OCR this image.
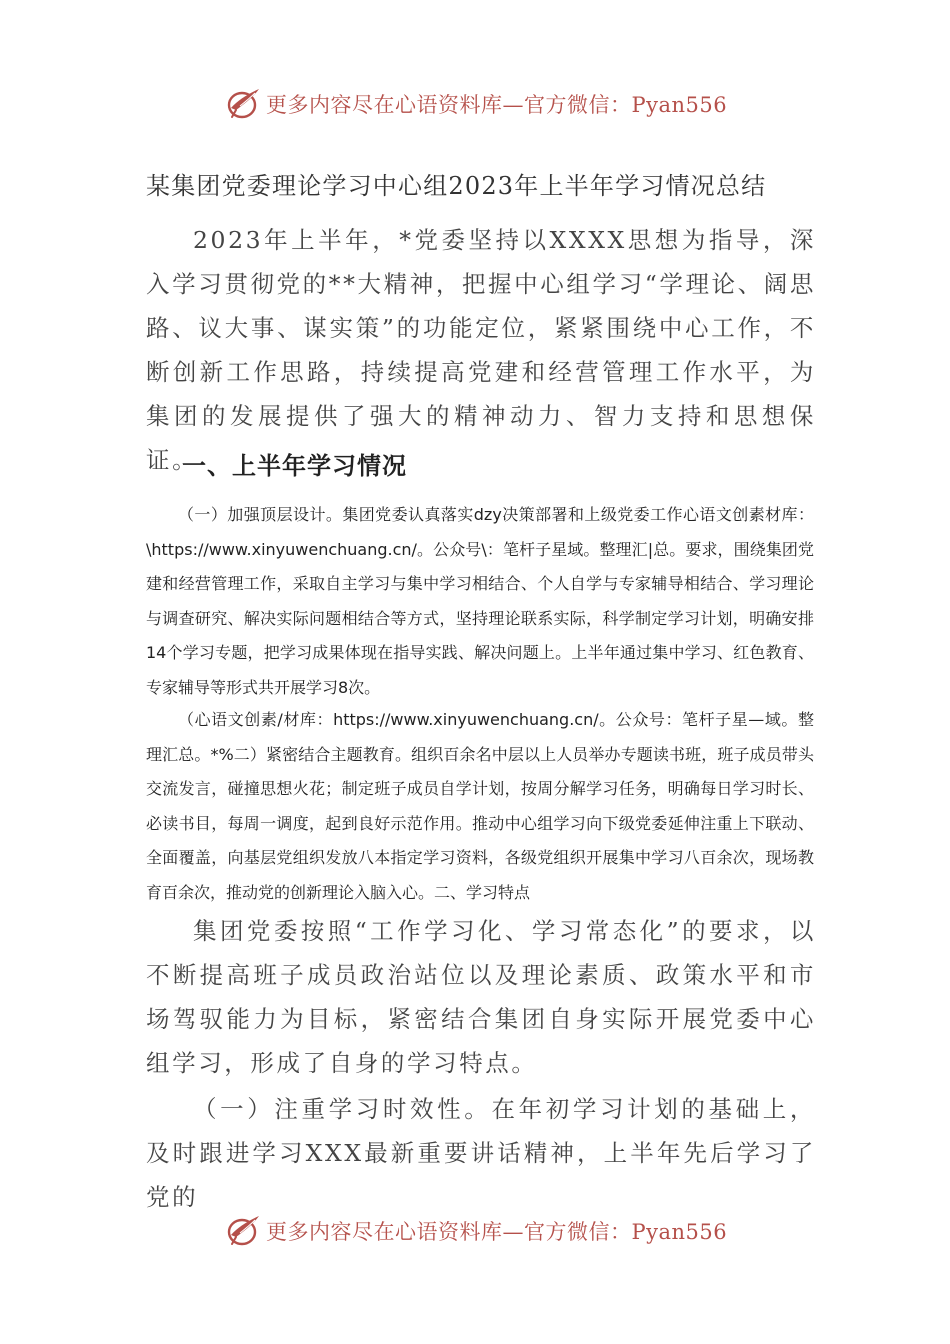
更多内容尽在心语资料库—官方微信：Pyan556
某集团党委理论学习中心组2023年上半年学习情况总结
2023年上半年，*党委坚持以XXXX思想为指导，深入学习贯彻党的**大精神，把握中心组学习“学理论、阔思路、议大事、谋实策”的功能定位，紧紧围绕中心工作，不断创新工作思路，持续提高党建和经营管理工作水平，为集团的发展提供了强大的精神动力、智力支持和思想保证。
一、上半年学习情况
（一）加强顶层设计。集团党委认真落实dzy决策部署和上级党委工作心语文创素材库：\https://www.xinyuwenchuang.cn/。公众号\：笔杆子星域。整理汇|总。要求，围绕集团党建和经营管理工作，采取自主学习与集中学习相结合、个人自学与专家辅导相结合、学习理论与调查研究、解决实际问题相结合等方式，坚持理论联系实际，科学制定学习计划，明确安排14个学习专题，把学习成果体现在指导实践、解决问题上。上半年通过集中学习、红色教育、专家辅导等形式共开展学习8次。
（心语文创素/材库：https://www.xinyuwenchuang.cn/。公众号：笔杆子星—域。整理汇总。*%二）紧密结合主题教育。组织百余名中层以上人员举办专题读书班，班子成员带头交流发言，碰撞思想火花；制定班子成员自学计划，按周分解学习任务，明确每日学习时长、必读书目，每周一调度，起到良好示范作用。推动中心组学习向下级党委延伸注重上下联动、全面覆盖，向基层党组织发放八本指定学习资料，各级党组织开展集中学习八百余次，现场教育百余次，推动党的创新理论入脑入心。二、学习特点
集团党委按照“工作学习化、学习常态化”的要求，以不断提高班子成员政治站位以及理论素质、政策水平和市场驾驭能力为目标，紧密结合集团自身实际开展党委中心组学习，形成了自身的学习特点。
（一）注重学习时效性。在年初学习计划的基础上，及时跟进学习XXX最新重要讲话精神，上半年先后学习了党的
更多内容尽在心语资料库—官方微信：Pyan556
